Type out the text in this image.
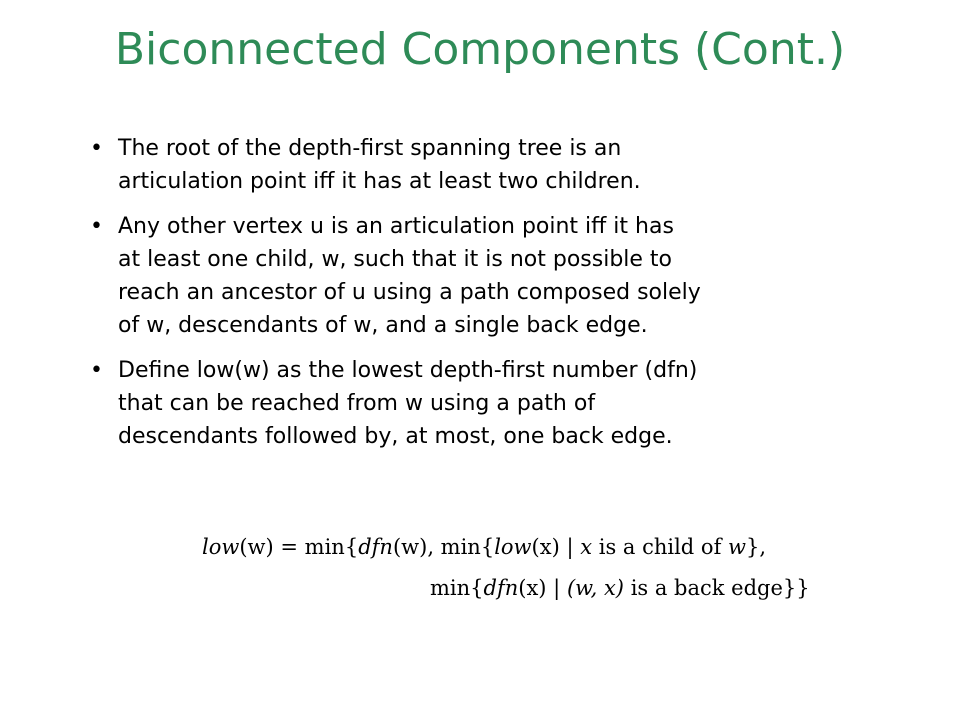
Biconnected Components (Cont.)
• The root of the depth-first spanning tree is an
articulation point iff it has at least two children.
• Any other vertex u is an articulation point iff it has
at least one child, w, such that it is not possible to
reach an ancestor of u using a path composed solely
of w, descendants of w, and a single back edge.
• Define low(w) as the lowest depth-first number (dfn)
that can be reached from w using a path of
descendants followed by, at most, one back edge.
low(w) = min{dfn(w), min{low(x) | x is a child of w},
min{dfn(x) | (w, x) is a back edge}}
